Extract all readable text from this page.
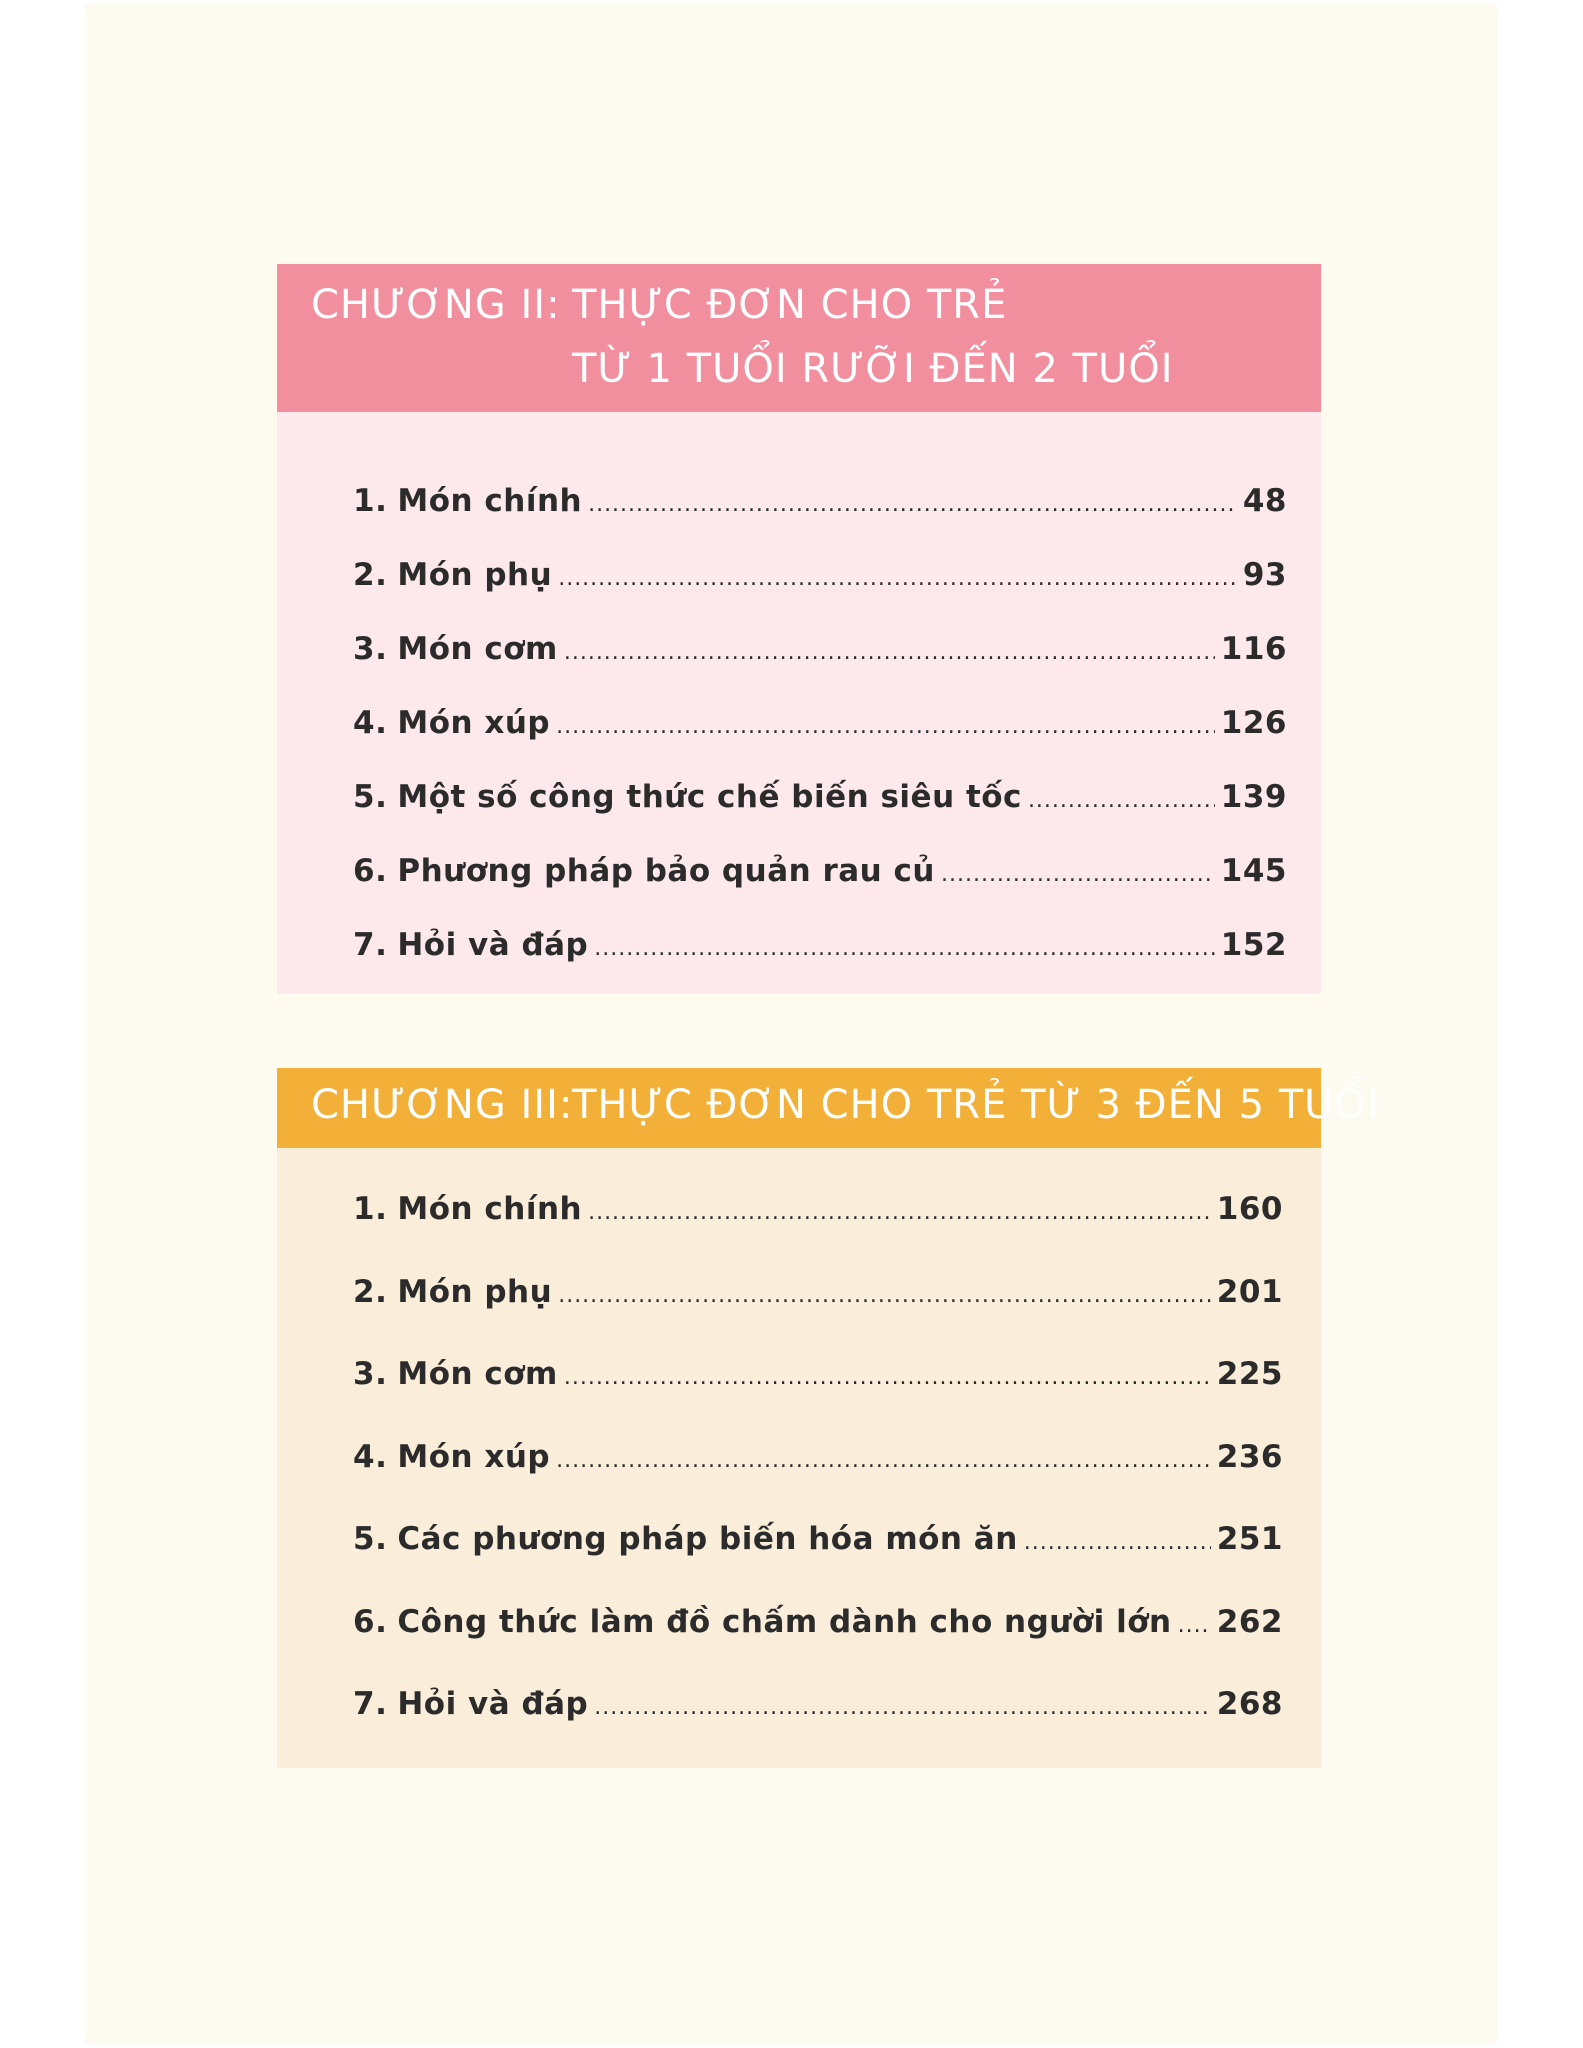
CHƯƠNG II: THỰC ĐƠN CHO TRẺ
TỪ 1 TUỔI RƯỠI ĐẾN 2 TUỔI
1. Món chính .....	48
2. Món phụ .....	93
3. Món cơm .....	116
4. Món xúp .....	126
5. Một số công thức chế biến siêu tốc .....	139
6. Phương pháp bảo quản rau củ .....	145
7. Hỏi và đáp .....	152
CHƯƠNG III:
THỰC ĐƠN CHO TRẺ TỪ 3 ĐẾN 5 TUỔI
1. Món chính .....	160
2. Món phụ .....	201
3. Món cơm .....	225
4. Món xúp .....	236
5. Các phương pháp biến hóa món ăn .....	251
6. Công thức làm đồ chấm dành cho người lớn ..... 262
7. Hỏi và đáp .....	268
